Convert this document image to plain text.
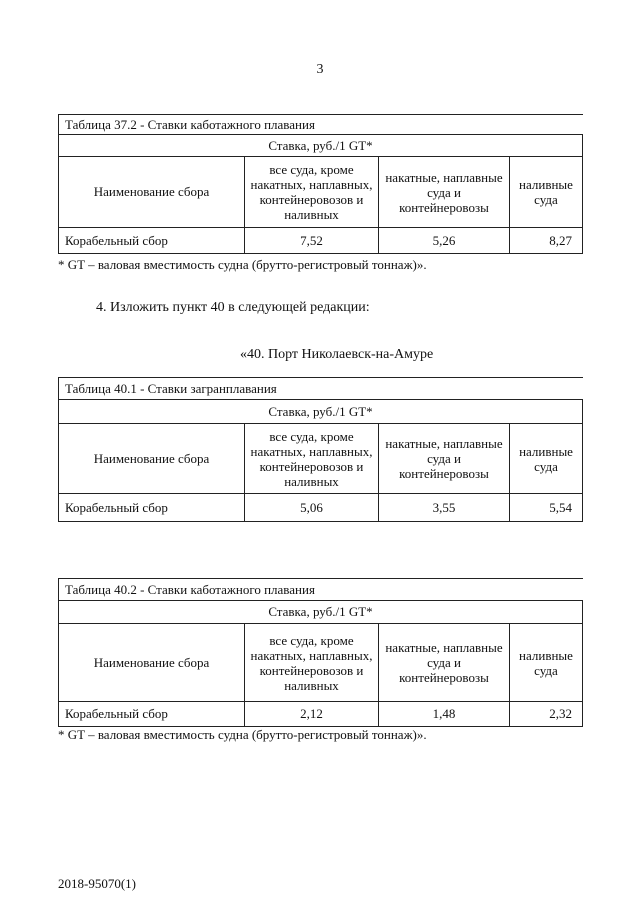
3
Таблица 37.2 - Ставки каботажного плавания			
Ставка, руб./1 GT*			
Наименование сбора	все суда, кроме накатных, наплавных, контейнеровозов и наливных	накатные, наплавные суда и контейнеровозы	наливные суда
Корабельный сбор	7,52	5,26	8,27
* GT – валовая вместимость судна (брутто-регистровый тоннаж)».
4. Изложить пункт 40 в следующей редакции:
«40. Порт Николаевск-на-Амуре
Таблица 40.1 - Ставки загранплавания			
Ставка, руб./1 GT*			
Наименование сбора	все суда, кроме накатных, наплавных, контейнеровозов и наливных	накатные, наплавные суда и контейнеровозы	наливные суда
Корабельный сбор	5,06	3,55	5,54
Таблица 40.2 - Ставки каботажного плавания			
Ставка, руб./1 GT*			
Наименование сбора	все суда, кроме накатных, наплавных, контейнеровозов и наливных	накатные, наплавные суда и контейнеровозы	наливные суда
Корабельный сбор	2,12	1,48	2,32
* GT – валовая вместимость судна (брутто-регистровый тоннаж)».
2018-95070(1)
